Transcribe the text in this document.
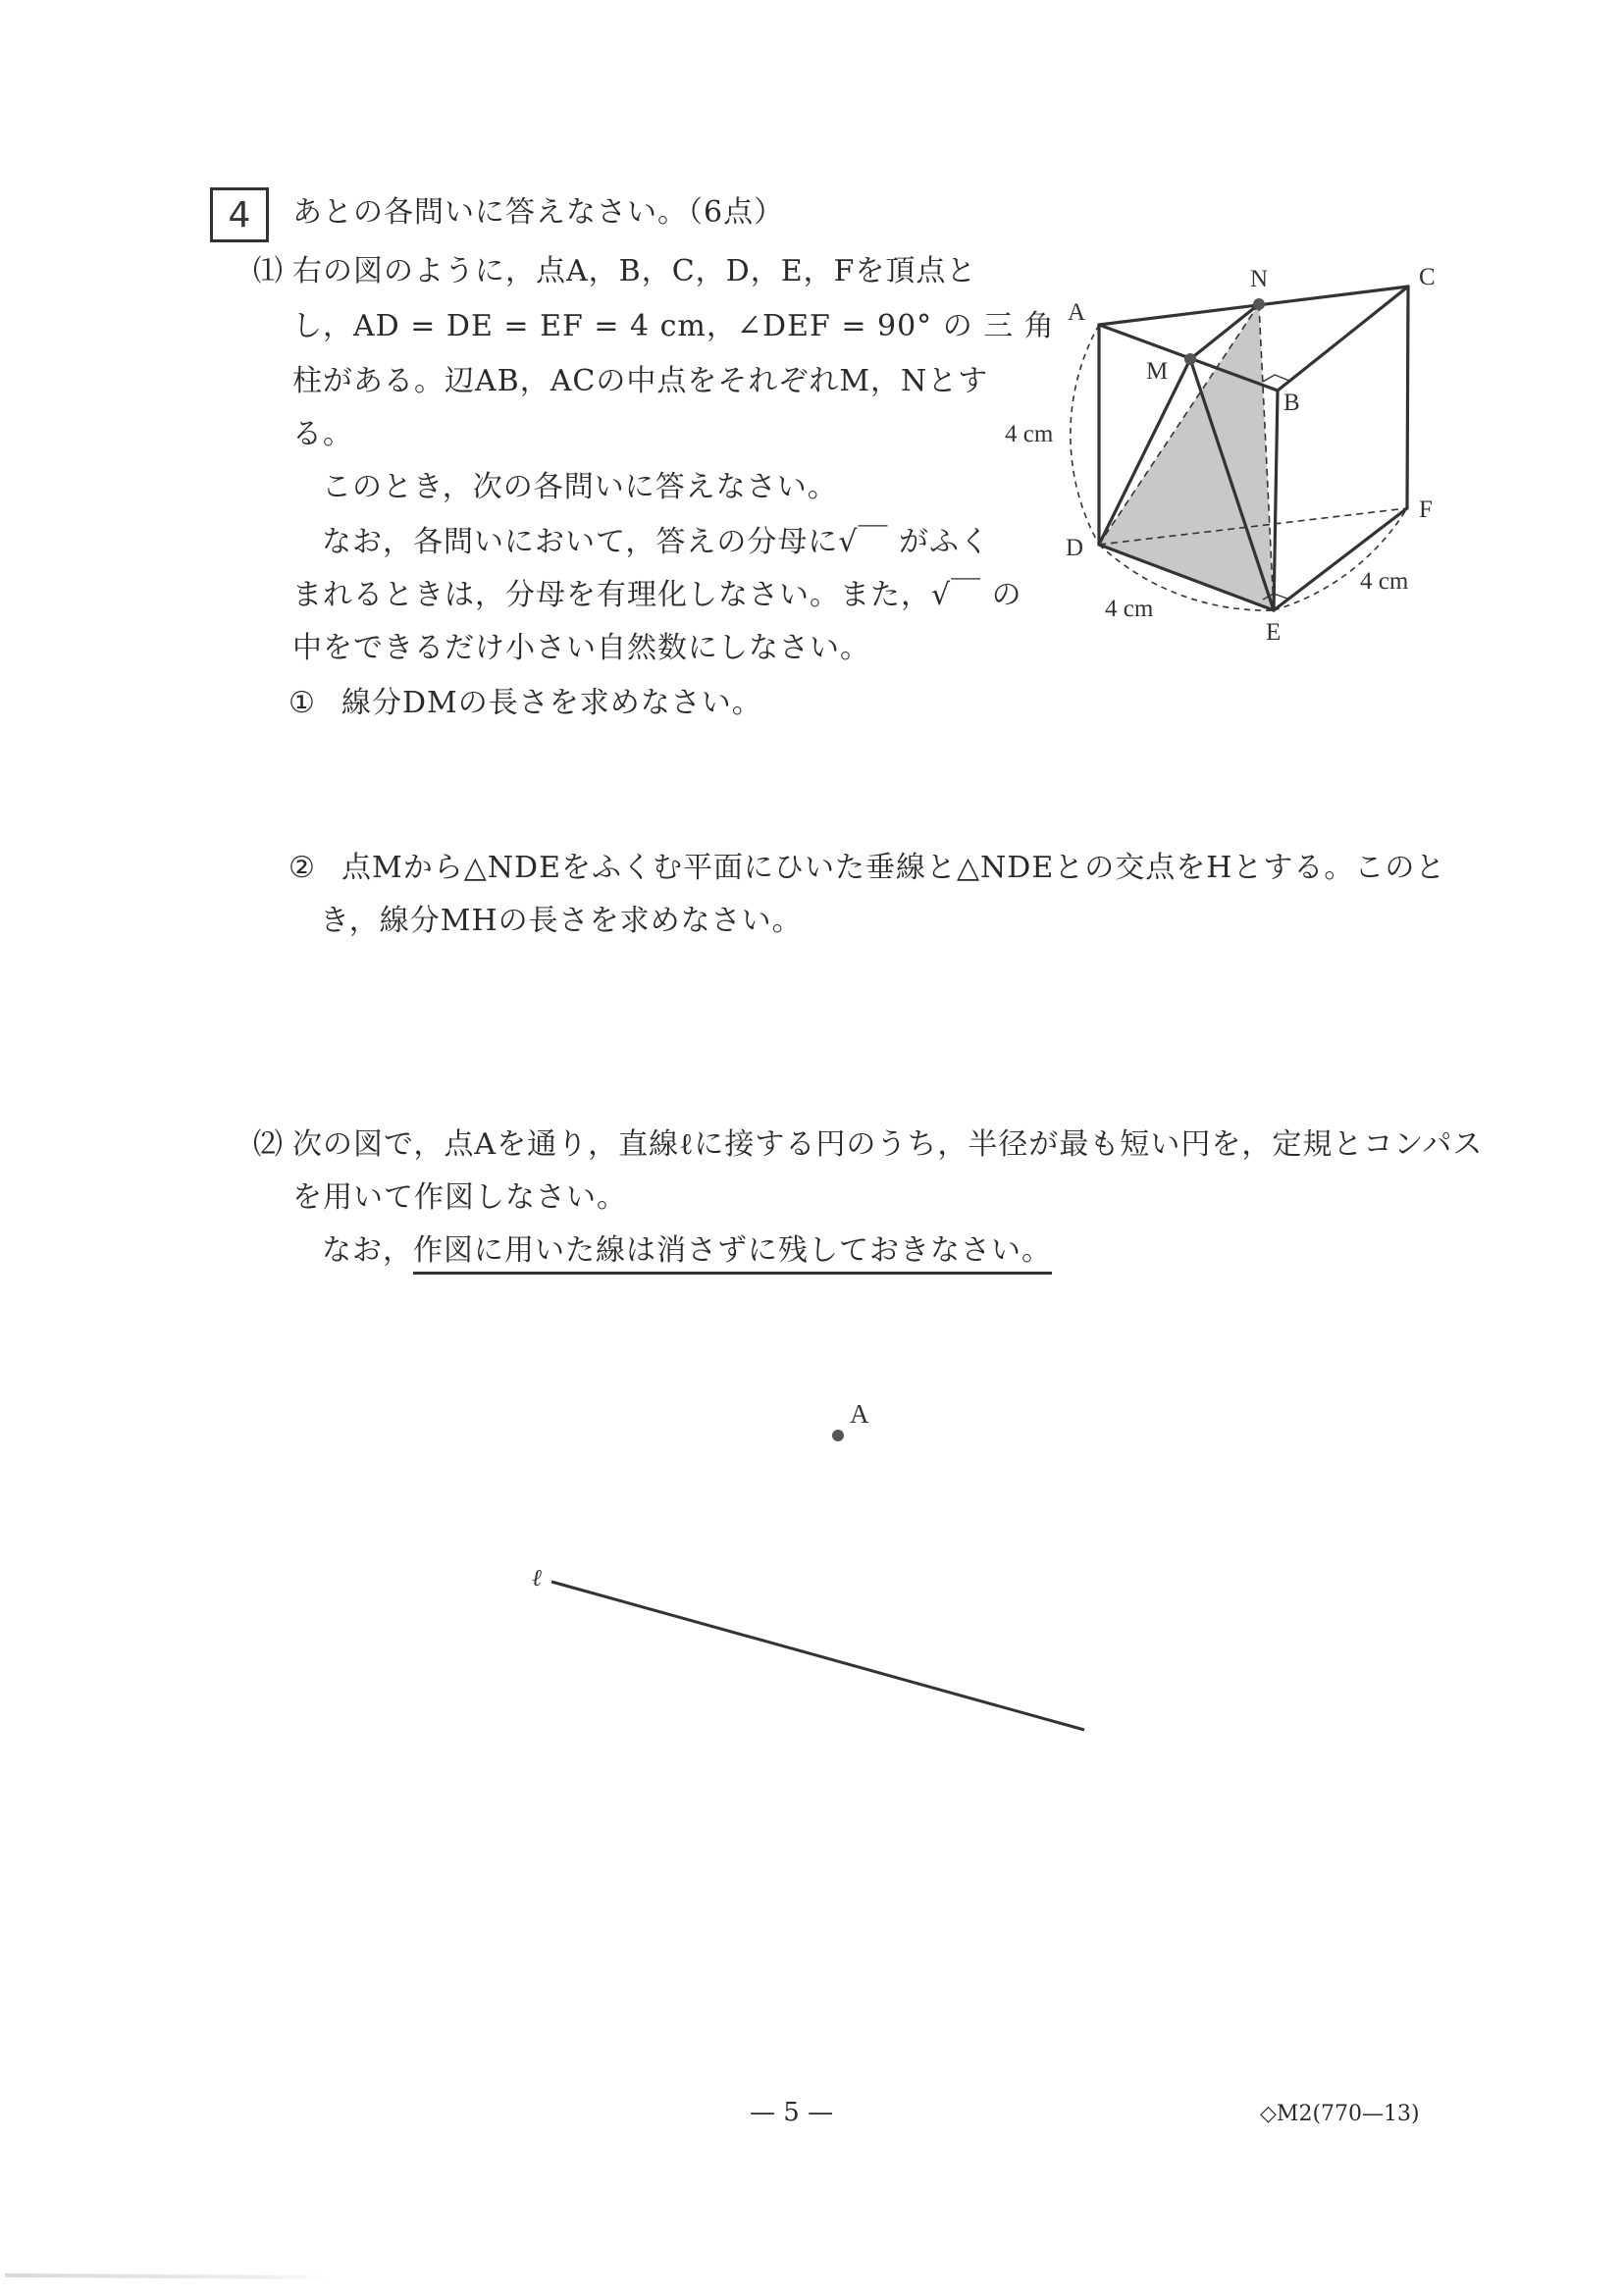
4 あとの各問いに答えなさい。（6点）
⑴ 右の図のように，点A，B，C，D，E，Fを頂点と
し，AD = DE = EF = 4 cm，∠DEF = 90° の 三 角
柱がある。辺AB，ACの中点をそれぞれM，Nとす
る。
このとき，次の各問いに答えなさい。
なお，各問いにおいて，答えの分母に√￣ がふく
まれるときは，分母を有理化しなさい。また，√￣ の
中をできるだけ小さい自然数にしなさい。
① 線分DMの長さを求めなさい。
② 点Mから△NDEをふくむ平面にひいた垂線と△NDEとの交点をHとする。このと
き，線分MHの長さを求めなさい。
⑵ 次の図で，点Aを通り，直線ℓに接する円のうち，半径が最も短い円を，定規とコンパス
を用いて作図しなさい。
なお，作図に用いた線は消さずに残しておきなさい。
A
B
C
D
E
F
M
N
4 cm
4 cm
4 cm
A
ℓ
— 5 —	◇M2(770—13)
